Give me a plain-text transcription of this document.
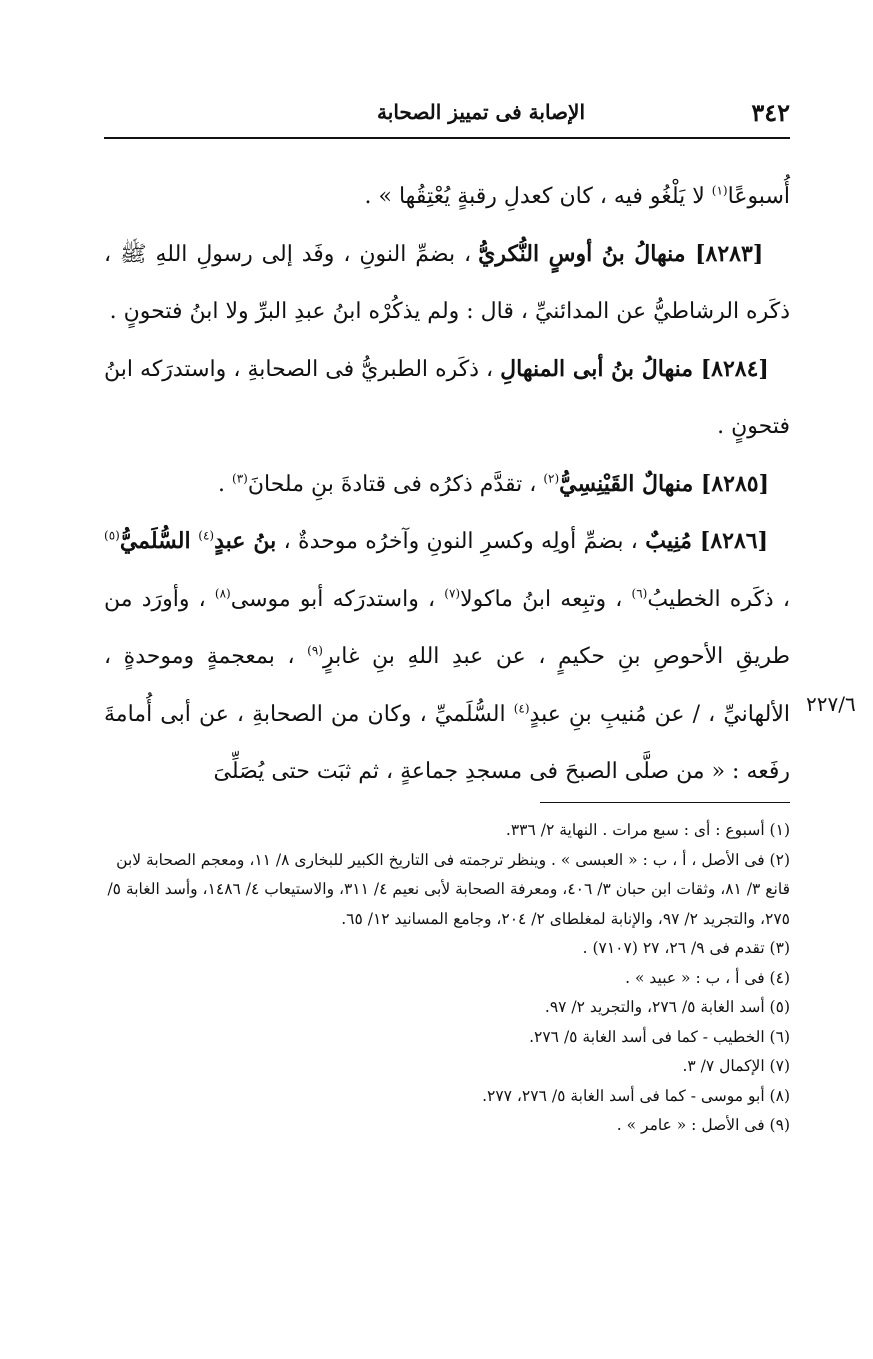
٣٤٢
الإصابة فى تمييز الصحابة

أُسبوعًا$^{(١)}$ لا يَلْغُو فيه ، كان كعدلِ رقبةٍ يُعْتِقُها » .

[٨٢٨٣] منهالُ بنُ أوسٍ النُّكريُّ ، بضمِّ النونِ ، وفَد إلى رسولِ اللهِ ﷺ ، ذكَره الرشاطيُّ عن المدائنيِّ ، قال : ولم يذكُرْه ابنُ عبدِ البرِّ ولا ابنُ فتحونٍ .

[٨٢٨٤] منهالُ بنُ أبى المنهالِ ، ذكَره الطبريُّ فى الصحابةِ ، واستدرَكه ابنُ فتحونٍ .

[٨٢٨٥] منهالٌ القَيْنِسِيُّ$^{(٢)}$ ، تقدَّم ذكرُه فى قتادةَ بنِ ملحانَ$^{(٣)}$ .

[٨٢٨٦] مُنِيبٌ ، بضمِّ أولِه وكسرِ النونِ وآخرُه موحدةٌ ، بنُ عبدٍ$^{(٤)}$ السُّلَميُّ$^{(٥)}$ ، ذكَره الخطيبُ$^{(٦)}$ ، وتبِعه ابنُ ماكولا$^{(٧)}$ ، واستدرَكه أبو موسى$^{(٨)}$ ، وأورَد من طريقِ الأحوصِ بنِ حكيمٍ ، عن عبدِ اللهِ بنِ غابرٍ$^{(٩)}$ ، بمعجمةٍ وموحدةٍ ، الألهانيِّ ، / عن مُنيبِ بنِ عبدٍ$^{(٤)}$ السُّلَميِّ ، وكان من الصحابةِ ، عن أبى أُمامةَ رفَعه : « من صلَّى الصبحَ فى مسجدِ جماعةٍ ، ثم ثبَت حتى يُصَلِّىَ

٢٢٧/٦

(١) أسبوع : أى : سبع مرات . النهاية ٢/ ٣٣٦.

(٢) فى الأصل ، أ ، ب : « العبسى » . وينظر ترجمته فى التاريخ الكبير للبخارى ٨/ ١١، ومعجم الصحابة لابن قانع ٣/ ٨١، وثقات ابن حبان ٣/ ٤٠٦، ومعرفة الصحابة لأبى نعيم ٤/ ٣١١، والاستيعاب ٤/ ١٤٨٦، وأسد الغابة ٥/ ٢٧٥، والتجريد ٢/ ٩٧، والإنابة لمغلطاى ٢/ ٢٠٤، وجامع المسانيد ١٢/ ٦٥.

(٣) تقدم فى ٩/ ٢٦، ٢٧ (٧١٠٧) .

(٤) فى أ ، ب : « عبيد » .

(٥) أسد الغابة ٥/ ٢٧٦، والتجريد ٢/ ٩٧.

(٦) الخطيب - كما فى أسد الغابة ٥/ ٢٧٦.

(٧) الإكمال ٧/ ٣.

(٨) أبو موسى - كما فى أسد الغابة ٥/ ٢٧٦، ٢٧٧.

(٩) فى الأصل : « عامر » .
